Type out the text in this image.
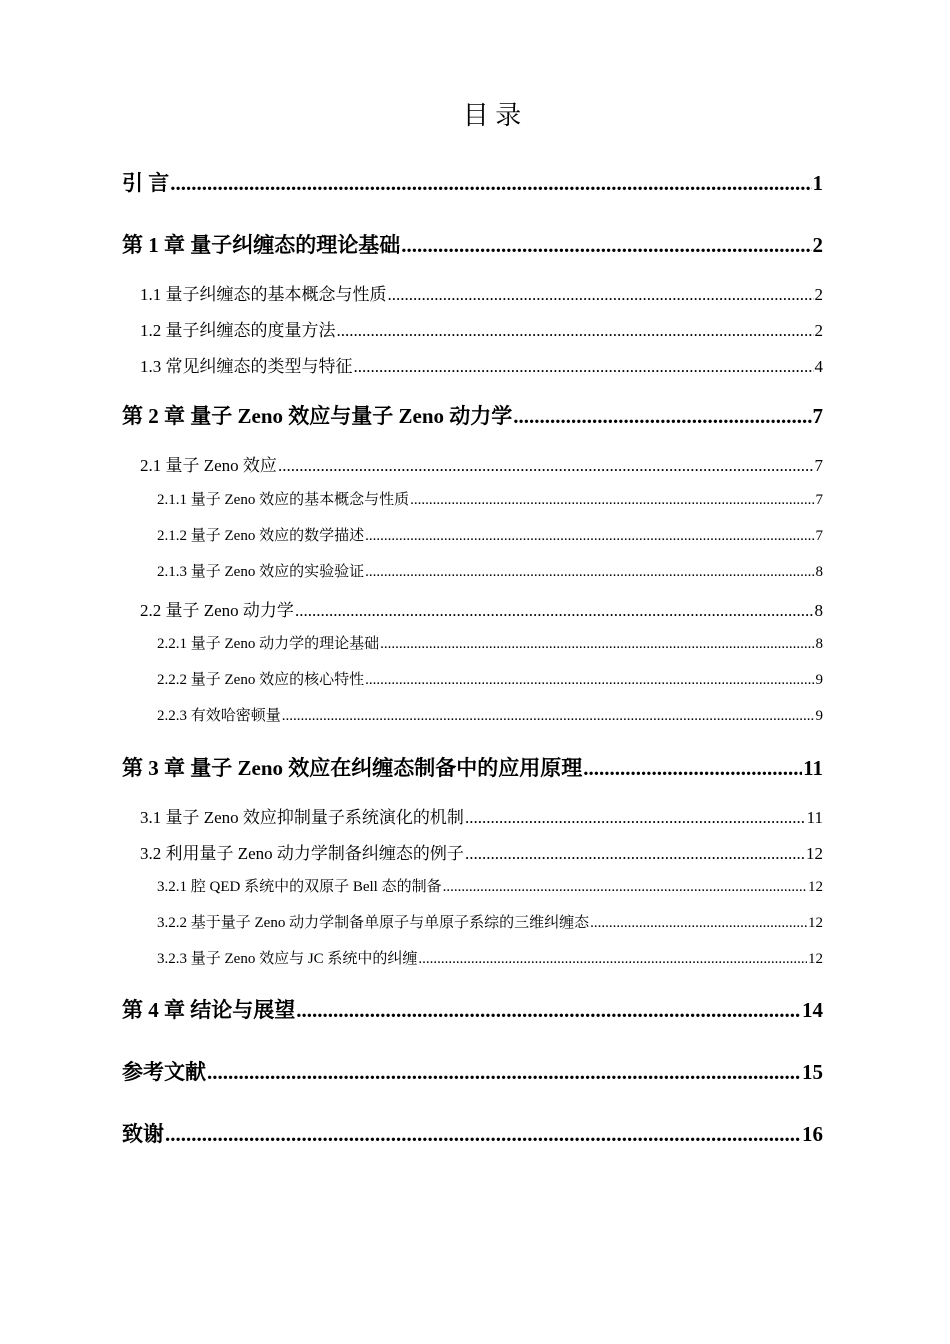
目 录
引 言 .....	1
第 1 章 量子纠缠态的理论基础 .....	2
1.1 量子纠缠态的基本概念与性质 .....	2
1.2 量子纠缠态的度量方法 .....	2
1.3 常见纠缠态的类型与特征 .....	4
第 2 章 量子 Zeno 效应与量子 Zeno 动力学 .....	7
2.1 量子 Zeno 效应 .....	7
2.1.1 量子 Zeno 效应的基本概念与性质 .....	7
2.1.2 量子 Zeno 效应的数学描述 .....	7
2.1.3 量子 Zeno 效应的实验验证 .....	8
2.2 量子 Zeno 动力学 .....	8
2.2.1 量子 Zeno 动力学的理论基础 .....	8
2.2.2 量子 Zeno 效应的核心特性 .....	9
2.2.3 有效哈密顿量 .....	9
第 3 章 量子 Zeno 效应在纠缠态制备中的应用原理 .....	11
3.1 量子 Zeno 效应抑制量子系统演化的机制 .....	11
3.2 利用量子 Zeno 动力学制备纠缠态的例子 .....	12
3.2.1 腔 QED 系统中的双原子 Bell 态的制备 .....	12
3.2.2 基于量子 Zeno 动力学制备单原子与单原子系综的三维纠缠态 .....	12
3.2.3 量子 Zeno 效应与 JC 系统中的纠缠 .....	12
第 4 章 结论与展望 .....	14
参考文献 .....	15
致谢 .....	16
